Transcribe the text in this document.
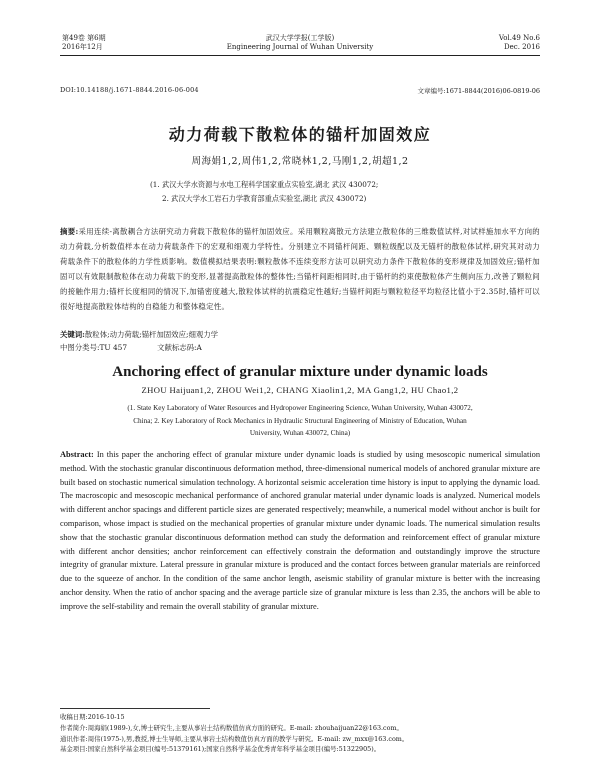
第49卷 第6期
2016年12月
武汉大学学报(工学版)
Engineering Journal of Wuhan University
Vol.49 No.6
Dec. 2016
DOI:10.14188/j.1671-8844.2016-06-004	文章编号:1671-8844(2016)06-0819-06
动力荷载下散粒体的锚杆加固效应
周海娟1,2,周伟1,2,常晓林1,2,马刚1,2,胡超1,2
(1. 武汉大学水资源与水电工程科学国家重点实验室,湖北 武汉 430072;
2. 武汉大学水工岩石力学教育部重点实验室,湖北 武汉 430072)
摘要:采用连续-离散耦合方法研究动力荷载下散粒体的锚杆加固效应。采用颗粒离散元方法建立散粒体的三维数值试样,对试样施加水平方向的动力荷载,分析数值样本在动力荷载条件下的宏观和细观力学特性。分别建立不同锚杆间距、颗粒级配以及无锚杆的散粒体试样,研究其对动力荷载条件下的散粒体的力学性质影响。数值模拟结果表明:颗粒散体不连续变形方法可以研究动力条件下散粒体的变形规律及加固效应;锚杆加固可以有效限制散粒体在动力荷载下的变形,显著提高散粒体的整体性;当锚杆间距相同时,由于锚杆的约束使散粒体产生侧向压力,改善了颗粒间的接触作用力;锚杆长度相同的情况下,加锚密度越大,散粒体试样的抗震稳定性越好;当锚杆间距与颗粒粒径平均粒径比值小于2.35时,锚杆可以很好地提高散粒体结构的自稳能力和整体稳定性。
关键词:散粒体;动力荷载;锚杆加固效应;细观力学
中图分类号:TU 457	文献标志码:A
Anchoring effect of granular mixture under dynamic loads
ZHOU Haijuan1,2, ZHOU Wei1,2, CHANG Xiaolin1,2, MA Gang1,2, HU Chao1,2
(1. State Key Laboratory of Water Resources and Hydropower Engineering Science, Wuhan University, Wuhan 430072,
China; 2. Key Laboratory of Rock Mechanics in Hydraulic Structural Engineering of Ministry of Education, Wuhan
University, Wuhan 430072, China)
Abstract: In this paper the anchoring effect of granular mixture under dynamic loads is studied by using mesoscopic numerical simulation method. With the stochastic granular discontinuous deformation method, three-dimensional numerical models of anchored granular mixture are built based on stochastic numerical simulation technology. A horizontal seismic acceleration time history is input to applying the dynamic load. The macroscopic and mesoscopic mechanical performance of anchored granular material under dynamic loads is analyzed. Numerical models with different anchor spacings and different particle sizes are generated respectively; meanwhile, a numerical model without anchor is built for comparison, whose impact is studied on the mechanical properties of granular mixture under dynamic loads. The numerical simulation results show that the stochastic granular discontinuous deformation method can study the deformation and reinforcement effect of granular mixture with different anchor densities; anchor reinforcement can effectively constrain the deformation and outstandingly improve the structure integrity of granular mixture. Lateral pressure in granular mixture is produced and the contact forces between granular materials are reinforced due to the squeeze of anchor. In the condition of the same anchor length, aseismic stability of granular mixture is better with the increasing anchor density. When the ratio of anchor spacing and the average particle size of granular mixture is less than 2.35, the anchors will be able to improve the self-stability and remain the overall stability of granular mixture.
收稿日期:2016-10-15
作者简介:周海娟(1989-),女,博士研究生,主要从事岩土结构数值仿真方面的研究。E-mail: zhouhaijuan22@163.com。
通讯作者:周伟(1975-),男,教授,博士生导师,主要从事岩土结构数值仿真方面的教学与研究。E-mail: zw_mxx@163.com。
基金项目:国家自然科学基金项目(编号:51379161);国家自然科学基金优秀青年科学基金项目(编号:51322905)。
